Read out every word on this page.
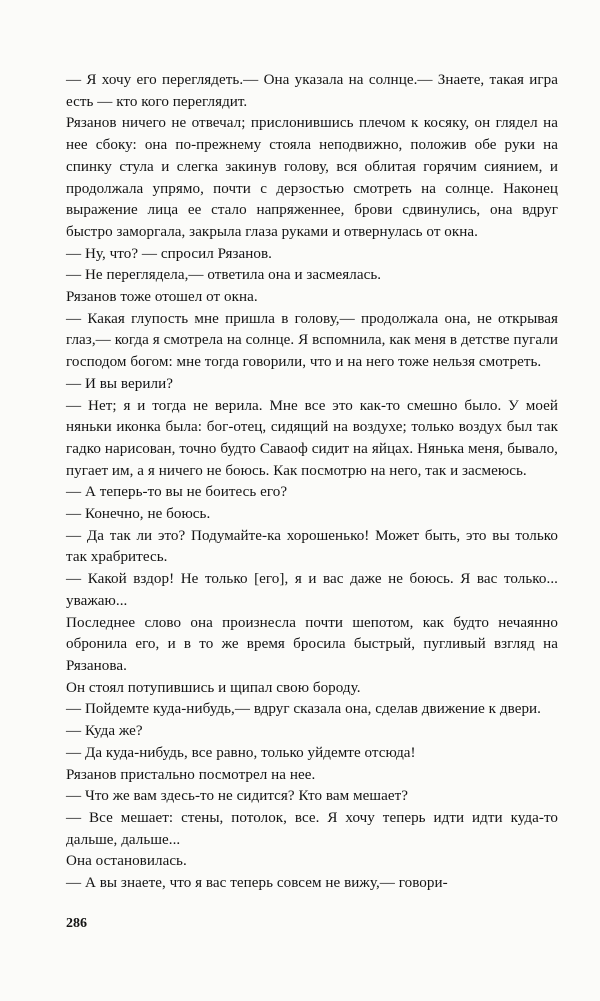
— Я хочу его переглядеть.— Она указала на солнце.— Знаете, такая игра есть — кто кого переглядит.

Рязанов ничего не отвечал; прислонившись плечом к косяку, он глядел на нее сбоку: она по-прежнему стояла неподвижно, положив обе руки на спинку стула и слегка закинув голову, вся облитая горячим сиянием, и продолжала упрямо, почти с дерзостью смотреть на солнце. Наконец выражение лица ее стало напряженнее, брови сдвинулись, она вдруг быстро заморгала, закрыла глаза руками и отвернулась от окна.

— Ну, что? — спросил Рязанов.

— Не переглядела,— ответила она и засмеялась.

Рязанов тоже отошел от окна.

— Какая глупость мне пришла в голову,— продолжала она, не открывая глаз,— когда я смотрела на солнце. Я вспомнила, как меня в детстве пугали господом богом: мне тогда говорили, что и на него тоже нельзя смотреть.

— И вы верили?

— Нет; я и тогда не верила. Мне все это как-то смешно было. У моей няньки иконка была: бог-отец, сидящий на воздухе; только воздух был так гадко нарисован, точно будто Саваоф сидит на яйцах. Нянька меня, бывало, пугает им, а я ничего не боюсь. Как посмотрю на него, так и засмеюсь.

— А теперь-то вы не боитесь его?

— Конечно, не боюсь.

— Да так ли это? Подумайте-ка хорошенько! Может быть, это вы только так храбритесь.

— Какой вздор! Не только [его], я и вас даже не боюсь. Я вас только... уважаю...

Последнее слово она произнесла почти шепотом, как будто нечаянно обронила его, и в то же время бросила быстрый, пугливый взгляд на Рязанова.

Он стоял потупившись и щипал свою бороду.

— Пойдемте куда-нибудь,— вдруг сказала она, сделав движение к двери.

— Куда же?

— Да куда-нибудь, все равно, только уйдемте отсюда!

Рязанов пристально посмотрел на нее.

— Что же вам здесь-то не сидится? Кто вам мешает?

— Все мешает: стены, потолок, все. Я хочу теперь идти идти куда-то дальше, дальше...

Она остановилась.

— А вы знаете, что я вас теперь совсем не вижу,— говори-

286
